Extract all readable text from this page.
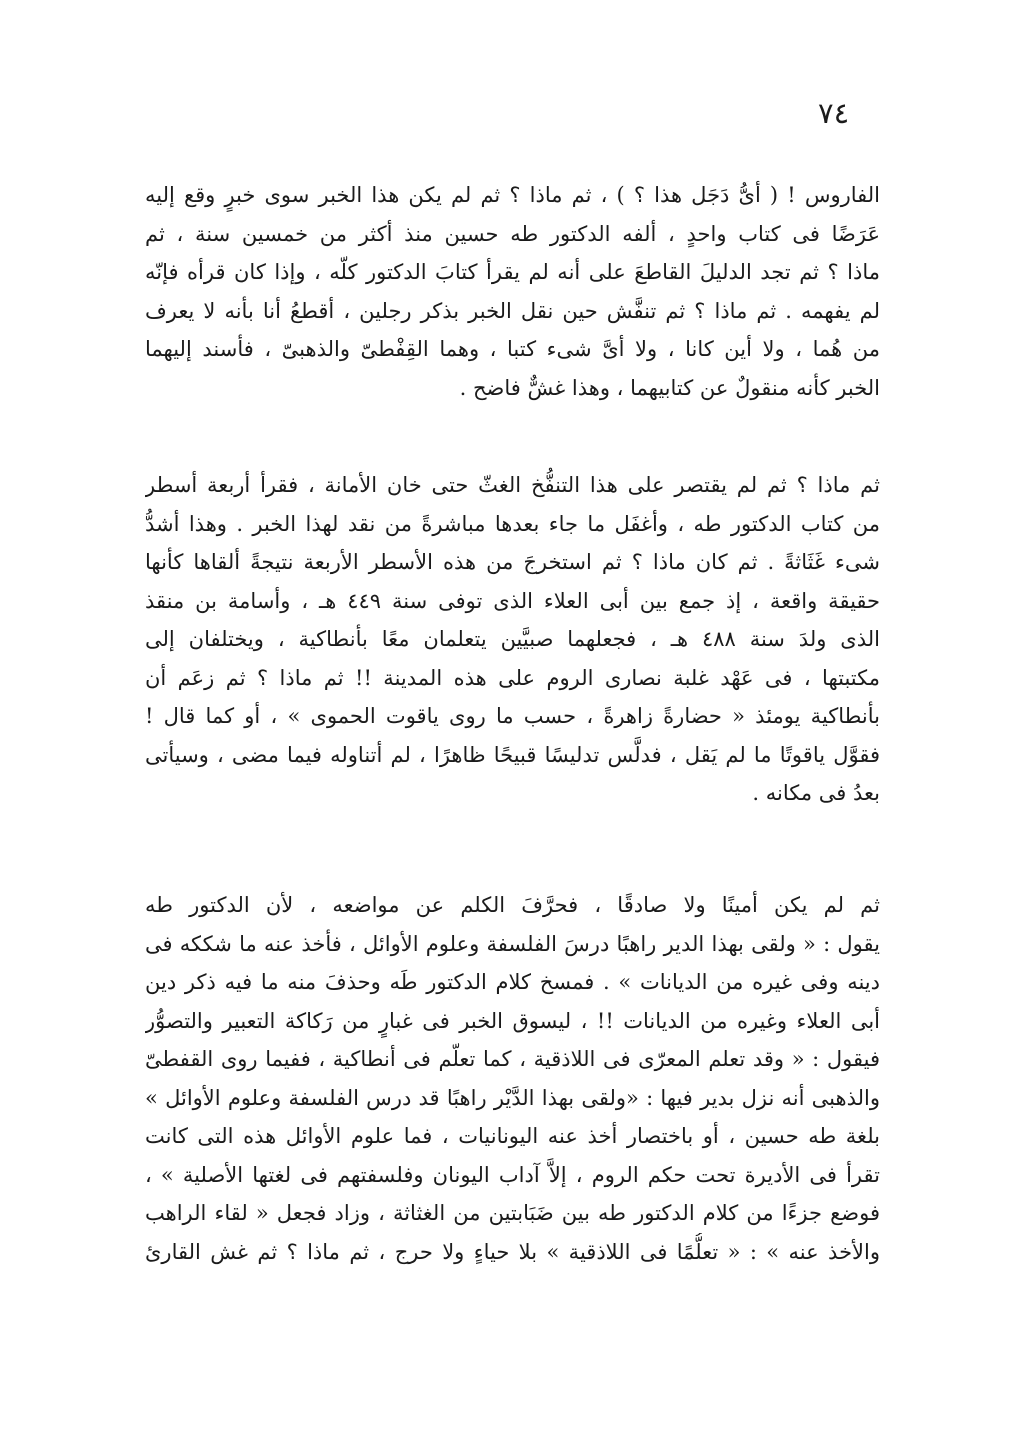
٧٤
الفاروس ! ( أىُّ دَجَل هذا ؟ ) ، ثم ماذا ؟ ثم لم يكن هذا الخبر سوى خبرٍ وقع إليه
عَرَضًا فى كتاب واحدٍ ، ألفه الدكتور طه حسين منذ أكثر من خمسين سنة ، ثم
ماذا ؟ ثم تجد الدليلَ القاطعَ على أنه لم يقرأ كتابَ الدكتور كلّه ، وإذا كان قرأه فإنّه
لم يفهمه . ثم ماذا ؟ ثم تنفَّش حين نقل الخبر بذكر رجلين ، أقطعُ أنا بأنه لا يعرف
من هُما ، ولا أين كانا ، ولا أىَّ شىء كتبا ، وهما القِفْطىّ والذهبىّ ، فأسند إليهما
الخبر كأنه منقولٌ عن كتابيهما ، وهذا غشٌّ فاضح .
ثم ماذا ؟ ثم لم يقتصر على هذا التنفُّخ الغثّ حتى خان الأمانة ، فقرأ أربعة أسطر
من كتاب الدكتور طه ، وأغفَل ما جاء بعدها مباشرةً من نقد لهذا الخبر . وهذا أشدُّ
شىء غَثَاثةً . ثم كان ماذا ؟ ثم استخرجَ من هذه الأسطر الأربعة نتيجةً ألقاها كأنها
حقيقة واقعة ، إذ جمع بين أبى العلاء الذى توفى سنة ٤٤٩ هـ ، وأسامة بن منقذ
الذى ولدَ سنة ٤٨٨ هـ ، فجعلهما صبيَّين يتعلمان معًا بأنطاكية ، ويختلفان إلى
مكتبتها ، فى عَهْد غلبة نصارى الروم على هذه المدينة !! ثم ماذا ؟ ثم زعَم أن
بأنطاكية يومئذ « حضارةً زاهرةً ، حسب ما روى ياقوت الحموى » ، أو كما قال !
فقوَّل ياقوتًا ما لم يَقل ، فدلَّس تدليسًا قبيحًا ظاهرًا ، لم أتناوله فيما مضى ، وسيأتى
بعدُ فى مكانه .
ثم لم يكن أمينًا ولا صادقًا ، فحرَّفَ الكلم عن مواضعه ، لأن الدكتور طه
يقول : « ولقى بهذا الدير راهبًا درسَ الفلسفة وعلوم الأوائل ، فأخذ عنه ما شككه فى
دينه وفى غيره من الديانات » . فمسخ كلام الدكتور طَه وحذفَ منه ما فيه ذكر دين
أبى العلاء وغيره من الديانات !! ، ليسوق الخبر فى غبارٍ من رَكاكة التعبير والتصوُّر
فيقول : « وقد تعلم المعرّى فى اللاذقية ، كما تعلّم فى أنطاكية ، ففيما روى القفطىّ
والذهبى أنه نزل بدير فيها : «ولقى بهذا الدَّيْر راهبًا قد درس الفلسفة وعلوم الأوائل »
بلغة طه حسين ، أو باختصار أخذ عنه اليونانيات ، فما علوم الأوائل هذه التى كانت
تقرأ فى الأديرة تحت حكم الروم ، إلاَّ آداب اليونان وفلسفتهم فى لغتها الأصلية » ،
فوضع جزءًا من كلام الدكتور طه بين ضَبَابتين من الغثاثة ، وزاد فجعل « لقاء الراهب
والأخذ عنه » : « تعلُّمًا فى اللاذقية » بلا حياءٍ ولا حرج ، ثم ماذا ؟ ثم غش القارئ
